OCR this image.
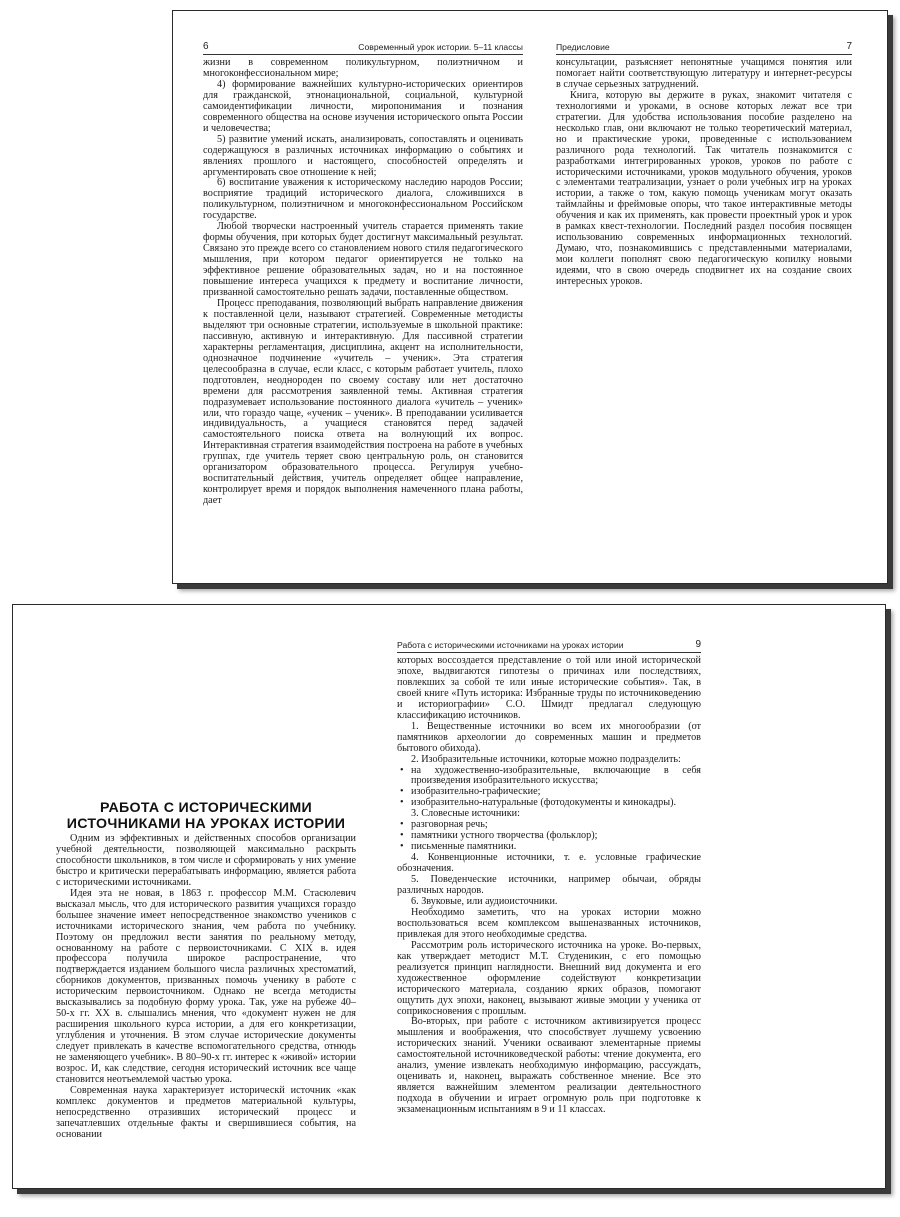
6	Современный урок истории. 5–11 классы

жизни в современном поликультурном, полиэтничном и многоконфессиональном мире;

4) формирование важнейших культурно-исторических ориентиров для гражданской, этнонациональной, социальной, культурной самоидентификации личности, миропонимания и познания современного общества на основе изучения исторического опыта России и человечества;

5) развитие умений искать, анализировать, сопоставлять и оценивать содержащуюся в различных источниках информацию о событиях и явлениях прошлого и настоящего, способностей определять и аргументировать свое отношение к ней;

6) воспитание уважения к историческому наследию народов России; восприятие традиций исторического диалога, сложившихся в поликультурном, полиэтничном и многоконфессиональном Российском государстве.

Любой творчески настроенный учитель старается применять такие формы обучения, при которых будет достигнут максимальный результат. Связано это прежде всего со становлением нового стиля педагогического мышления, при котором педагог ориентируется не только на эффективное решение образовательных задач, но и на постоянное повышение интереса учащихся к предмету и воспитание личности, призванной самостоятельно решать задачи, поставленные обществом.

Процесс преподавания, позволяющий выбрать направление движения к поставленной цели, называют стратегией. Современные методисты выделяют три основные стратегии, используемые в школьной практике: пассивную, активную и интерактивную. Для пассивной стратегии характерны регламентация, дисциплина, акцент на исполнительности, однозначное подчинение «учитель – ученик». Эта стратегия целесообразна в случае, если класс, с которым работает учитель, плохо подготовлен, неоднороден по своему составу или нет достаточно времени для рассмотрения заявленной темы. Активная стратегия подразумевает использование постоянного диалога «учитель – ученик» или, что гораздо чаще, «ученик – ученик». В преподавании усиливается индивидуальность, а учащиеся становятся перед задачей самостоятельного поиска ответа на волнующий их вопрос. Интерактивная стратегия взаимодействия построена на работе в учебных группах, где учитель теряет свою центральную роль, он становится организатором образовательного процесса. Регулируя учебно-воспитательный действия, учитель определяет общее направление, контролирует время и порядок выполнения намеченного плана работы, дает

Предисловие	7

консультации, разъясняет непонятные учащимся понятия или помогает найти соответствующую литературу и интернет-ресурсы в случае серьезных затруднений.

Книга, которую вы держите в руках, знакомит читателя с технологиями и уроками, в основе которых лежат все три стратегии. Для удобства использования пособие разделено на несколько глав, они включают не только теоретический материал, но и практические уроки, проведенные с использованием различного рода технологий. Так читатель познакомится с разработками интегрированных уроков, уроков по работе с историческими источниками, уроков модульного обучения, уроков с элементами театрализации, узнает о роли учебных игр на уроках истории, а также о том, какую помощь ученикам могут оказать таймлайны и фреймовые опоры, что такое интерактивные методы обучения и как их применять, как провести проектный урок и урок в рамках квест-технологии. Последний раздел пособия посвящен использованию современных информационных технологий. Думаю, что, познакомившись с представленными материалами, мои коллеги пополнят свою педагогическую копилку новыми идеями, что в свою очередь сподвигнет их на создание своих интересных уроков.

РАБОТА С ИСТОРИЧЕСКИМИ
ИСТОЧНИКАМИ НА УРОКАХ ИСТОРИИ

Одним из эффективных и действенных способов организации учебной деятельности, позволяющей максимально раскрыть способности школьников, в том числе и сформировать у них умение быстро и критически перерабатывать информацию, является работа с историческими источниками.

Идея эта не новая, в 1863 г. профессор М.М. Стасюлевич высказал мысль, что для исторического развития учащихся гораздо большее значение имеет непосредственное знакомство учеников с источниками исторического знания, чем работа по учебнику. Поэтому он предложил вести занятия по реальному методу, основанному на работе с первоисточниками. С XIX в. идея профессора получила широкое распространение, что подтверждается изданием большого числа различных хрестоматий, сборников документов, призванных помочь ученику в работе с историческим первоисточником. Однако не всегда методисты высказывались за подобную форму урока. Так, уже на рубеже 40–50-х гг. XX в. слышались мнения, что «документ нужен не для расширения школьного курса истории, а для его конкретизации, углубления и уточнения. В этом случае исторические документы следует привлекать в качестве вспомогательного средства, отнюдь не заменяющего учебник». В 80–90-х гг. интерес к «живой» истории возрос. И, как следствие, сегодня исторический источник все чаще становится неотъемлемой частью урока.

Современная наука характеризует историческй источник «как комплекс документов и предметов материальной культуры, непосредственно отразивших исторический процесс и запечатлевших отдельные факты и свершившиеся события, на основании

Работа с историческими источниками на уроках истории	9

которых воссоздается представление о той или иной исторической эпохе, выдвигаются гипотезы о причинах или последствиях, повлекших за собой те или иные исторические события». Так, в своей книге «Путь историка: Избранные труды по источниковедению и историографии» С.О. Шмидт предлагал следующую классификацию источников.

1. Вещественные источники во всем их многообразии (от памятников археологии до современных машин и предметов бытового обихода).

2. Изобразительные источники, которые можно подразделить:

• на художественно-изобразительные, включающие в себя произведения изобразительного искусства;

• изобразительно-графические;

• изобразительно-натуральные (фотодокументы и кинокадры).

3. Словесные источники:

• разговорная речь;

• памятники устного творчества (фольклор);

• письменные памятники.

4. Конвенционные источники, т. е. условные графические обозначения.

5. Поведенческие источники, например обычаи, обряды различных народов.

6. Звуковые, или аудиоисточники.

Необходимо заметить, что на уроках истории можно воспользоваться всем комплексом вышеназванных источников, привлекая для этого необходимые средства.

Рассмотрим роль исторического источника на уроке. Во-первых, как утверждает методист М.Т. Студеникин, с его помощью реализуется принцип наглядности. Внешний вид документа и его художественное оформление содействуют конкретизации исторического материала, созданию ярких образов, помогают ощутить дух эпохи, наконец, вызывают живые эмоции у ученика от соприкосновения с прошлым.

Во-вторых, при работе с источником активизируется процесс мышления и воображения, что способствует лучшему усвоению исторических знаний. Ученики осваивают элементарные приемы самостоятельной источниковедческой работы: чтение документа, его анализ, умение извлекать необходимую информацию, рассуждать, оценивать и, наконец, выражать собственное мнение. Все это является важнейшим элементом реализации деятельностного подхода в обучении и играет огромную роль при подготовке к экзаменационным испытаниям в 9 и 11 классах.
